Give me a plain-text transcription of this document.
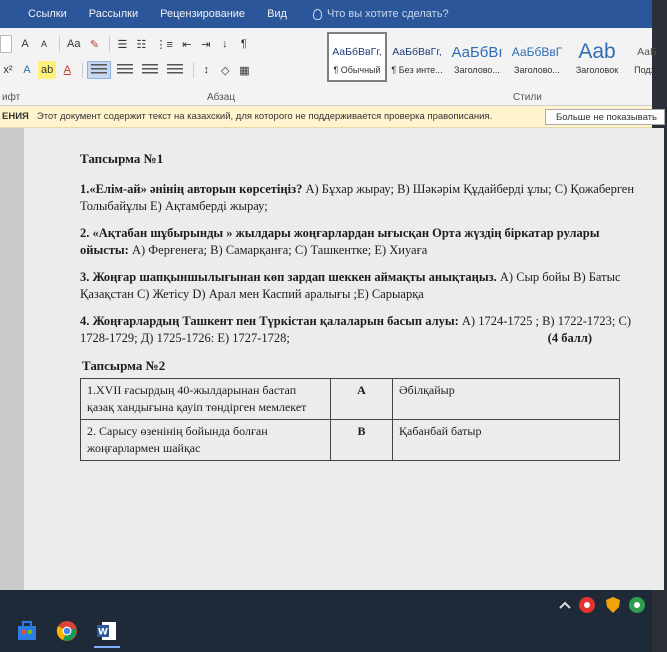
Ссылки Рассылки Рецензирование Вид	Что вы хотите сделать?
A	A	Aa ✎	☰ ☷ ⋮≡ ⇤ ⇥	↓	¶
x² A ab A	↕	◇ ▦
АаБбВвГг,
¶ Обычный
АаБбВвГг,
¶ Без инте...
АаБбВı
Заголово...
АаБбВвГ
Заголово...
Aab
Заголовок
АаБ
Подза
ифт	Абзац	Стили
ЕНИЯ Этот документ содержит текст на казахский, для которого не поддерживается проверка правописания.	Больше не показывать
Тапсырма №1
1.«Елім-ай» әнінің авторын көрсетіңіз? А) Бұхар жырау; В) Шәкәрім Құдайберді ұлы; С) Қожаберген Толыбайұлы Е) Ақтамберді жырау;
2. «Ақтабан шұбырынды » жылдары жоңғарлардан ығысқан Орта жүздің біркатар рулары ойысты: А) Ферғенеға; В) Самарқанға; С) Ташкентке; Е) Хиуаға
3. Жоңғар шапқыншылығынан көп зардап шеккен аймақты анықтаңыз. А) Сыр бойы В) Батыс Қазақстан С) Жетісу D) Арал мен Каспий аралығы ;Е) Сарыарқа
4. Жоңғарлардың Ташкент пен Түркістан қалаларын басып алуы: А) 1724-1725 ; В) 1722-1723; С) 1728-1729; Д) 1725-1726: Е) 1727-1728;	(4 балл)
Тапсырма №2
1.XVII ғасырдың 40-жылдарынан бастап қазақ хандығына қауіп төндірген мемлекет	A	Әбілқайыр
2. Сарысу өзенінің бойында болған жоңғарлармен шайқас	B	Қабанбай батыр
W
